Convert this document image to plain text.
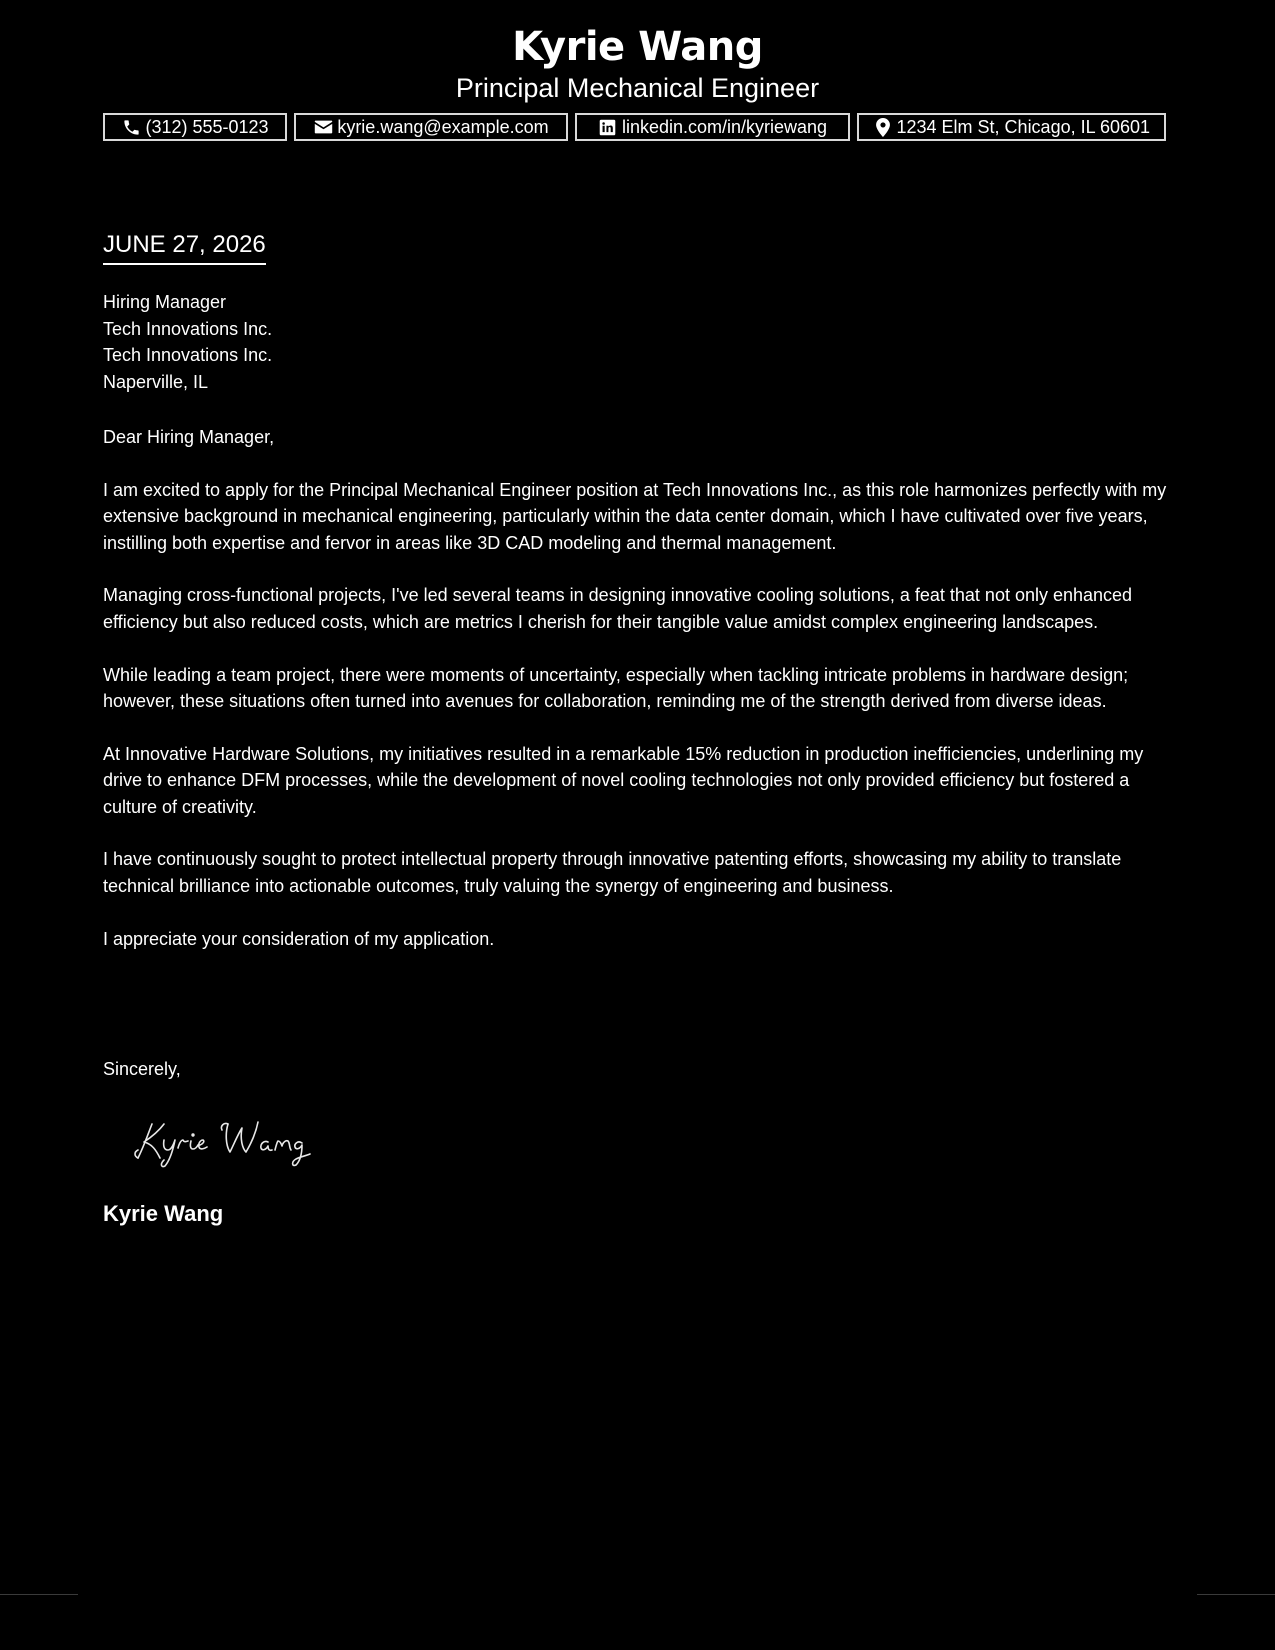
Kyrie Wang
Principal Mechanical Engineer
(312) 555-0123	kyrie.wang@example.com	linkedin.com/in/kyriewang	1234 Elm St, Chicago, IL 60601
JUNE 27, 2026
Hiring Manager
Tech Innovations Inc.
Tech Innovations Inc.
Naperville, IL

Dear Hiring Manager,

I am excited to apply for the Principal Mechanical Engineer position at Tech Innovations Inc., as this role harmonizes perfectly with my extensive background in mechanical engineering, particularly within the data center domain, which I have cultivated over five years, instilling both expertise and fervor in areas like 3D CAD modeling and thermal management.

Managing cross-functional projects, I've led several teams in designing innovative cooling solutions, a feat that not only enhanced efficiency but also reduced costs, which are metrics I cherish for their tangible value amidst complex engineering landscapes.

While leading a team project, there were moments of uncertainty, especially when tackling intricate problems in hardware design; however, these situations often turned into avenues for collaboration, reminding me of the strength derived from diverse ideas.

At Innovative Hardware Solutions, my initiatives resulted in a remarkable 15% reduction in production inefficiencies, underlining my drive to enhance DFM processes, while the development of novel cooling technologies not only provided efficiency but fostered a culture of creativity.

I have continuously sought to protect intellectual property through innovative patenting efforts, showcasing my ability to translate technical brilliance into actionable outcomes, truly valuing the synergy of engineering and business.

I appreciate your consideration of my application.

Sincerely,
Kyrie Wang
